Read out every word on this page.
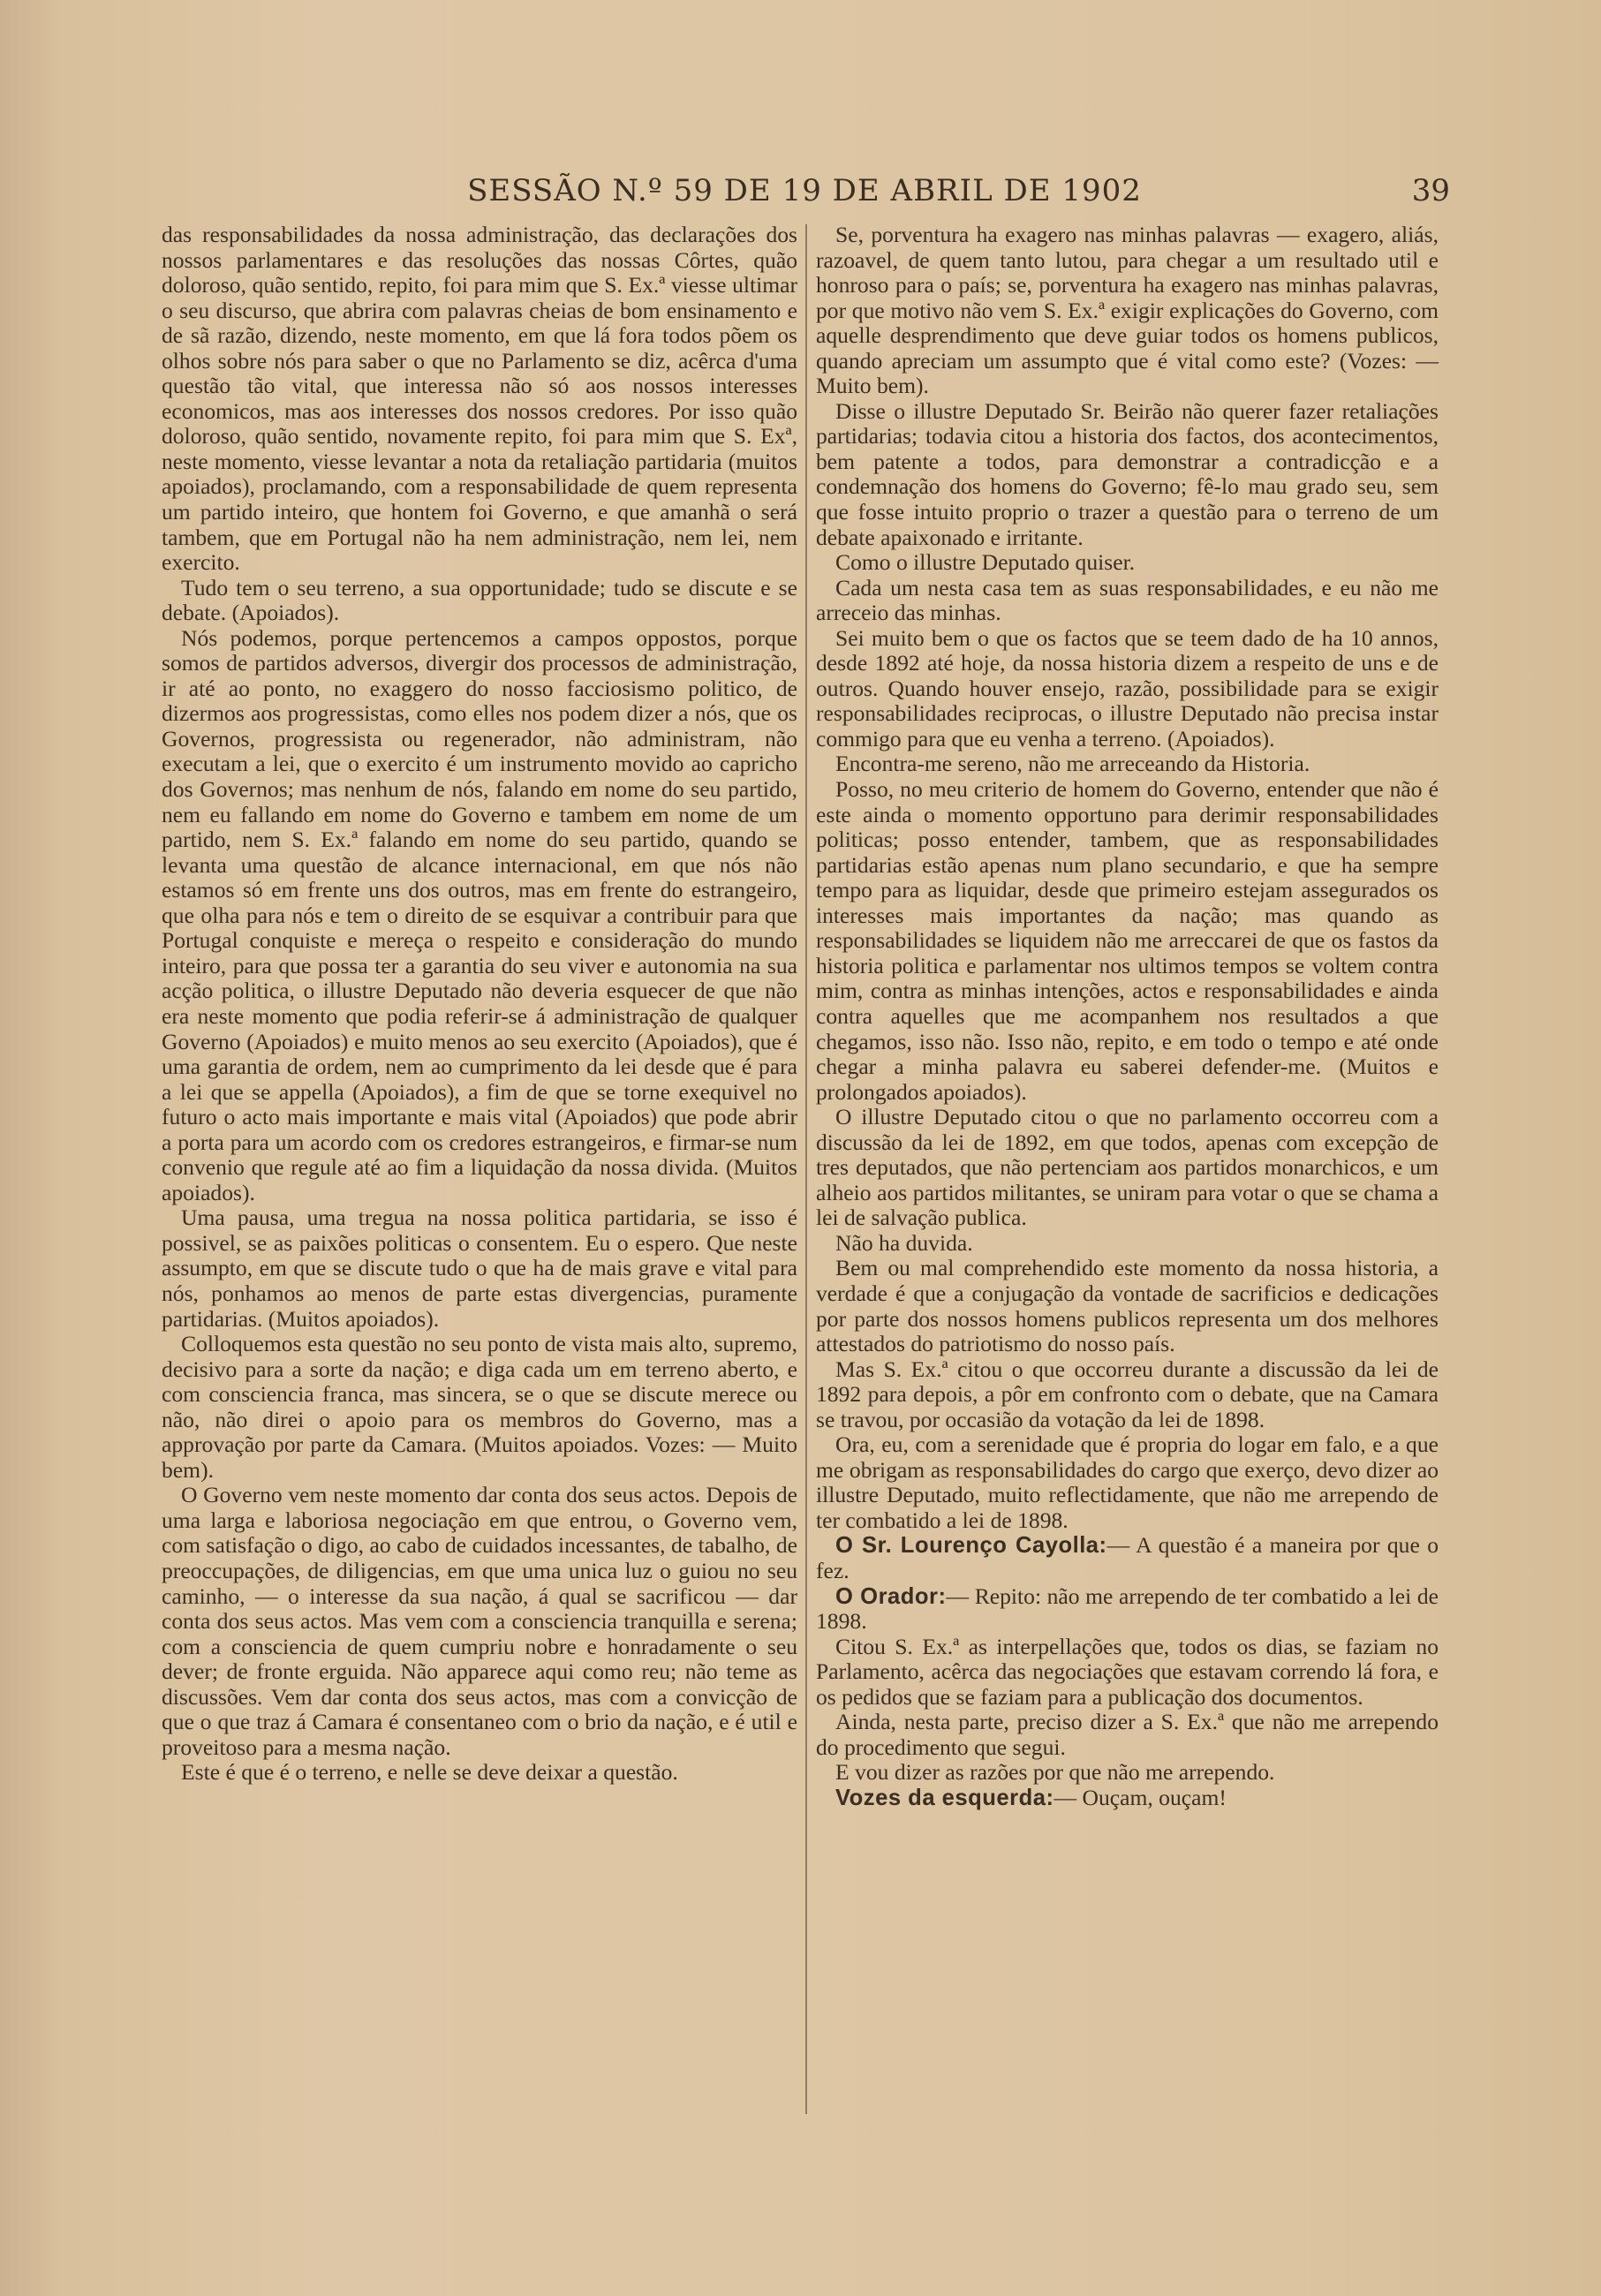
SESSÃO N.º 59 DE 19 DE ABRIL DE 1902	39

das responsabilidades da nossa administração, das declarações dos nossos parlamentares e das resoluções das nossas Côrtes, quão doloroso, quão sentido, repito, foi para mim que S. Ex.ª viesse ultimar o seu discurso, que abrira com palavras cheias de bom ensinamento e de sã razão, dizendo, neste momento, em que lá fora todos põem os olhos sobre nós para saber o que no Parlamento se diz, acêrca d'uma questão tão vital, que interessa não só aos nossos interesses economicos, mas aos interesses dos nossos credores. Por isso quão doloroso, quão sentido, novamente repito, foi para mim que S. Exª, neste momento, viesse levantar a nota da retaliação partidaria (muitos apoiados), proclamando, com a responsabilidade de quem representa um partido inteiro, que hontem foi Governo, e que amanhã o será tambem, que em Portugal não ha nem administração, nem lei, nem exercito.

Tudo tem o seu terreno, a sua opportunidade; tudo se discute e se debate. (Apoiados).

Nós podemos, porque pertencemos a campos oppostos, porque somos de partidos adversos, divergir dos processos de administração, ir até ao ponto, no exaggero do nosso facciosismo politico, de dizermos aos progressistas, como elles nos podem dizer a nós, que os Governos, progressista ou regenerador, não administram, não executam a lei, que o exercito é um instrumento movido ao capricho dos Governos; mas nenhum de nós, falando em nome do seu partido, nem eu fallando em nome do Governo e tambem em nome de um partido, nem S. Ex.ª falando em nome do seu partido, quando se levanta uma questão de alcance internacional, em que nós não estamos só em frente uns dos outros, mas em frente do estrangeiro, que olha para nós e tem o direito de se esquivar a contribuir para que Portugal conquiste e mereça o respeito e consideração do mundo inteiro, para que possa ter a garantia do seu viver e autonomia na sua acção politica, o illustre Deputado não deveria esquecer de que não era neste momento que podia referir-se á administração de qualquer Governo (Apoiados) e muito menos ao seu exercito (Apoiados), que é uma garantia de ordem, nem ao cumprimento da lei desde que é para a lei que se appella (Apoiados), a fim de que se torne exequivel no futuro o acto mais importante e mais vital (Apoiados) que pode abrir a porta para um acordo com os credores estrangeiros, e firmar-se num convenio que regule até ao fim a liquidação da nossa divida. (Muitos apoiados).

Uma pausa, uma tregua na nossa politica partidaria, se isso é possivel, se as paixões politicas o consentem. Eu o espero. Que neste assumpto, em que se discute tudo o que ha de mais grave e vital para nós, ponhamos ao menos de parte estas divergencias, puramente partidarias. (Muitos apoiados).

Colloquemos esta questão no seu ponto de vista mais alto, supremo, decisivo para a sorte da nação; e diga cada um em terreno aberto, e com consciencia franca, mas sincera, se o que se discute merece ou não, não direi o apoio para os membros do Governo, mas a approvação por parte da Camara. (Muitos apoiados. Vozes: — Muito bem).

O Governo vem neste momento dar conta dos seus actos. Depois de uma larga e laboriosa negociação em que entrou, o Governo vem, com satisfação o digo, ao cabo de cuidados incessantes, de tabalho, de preoccupações, de diligencias, em que uma unica luz o guiou no seu caminho, — o interesse da sua nação, á qual se sacrificou — dar conta dos seus actos. Mas vem com a consciencia tranquilla e serena; com a consciencia de quem cumpriu nobre e honradamente o seu dever; de fronte erguida. Não apparece aqui como reu; não teme as discussões. Vem dar conta dos seus actos, mas com a convicção de que o que traz á Camara é consentaneo com o brio da nação, e é util e proveitoso para a mesma nação.

Este é que é o terreno, e nelle se deve deixar a questão.

Se, porventura ha exagero nas minhas palavras — exagero, aliás, razoavel, de quem tanto lutou, para chegar a um resultado util e honroso para o país; se, porventura ha exagero nas minhas palavras, por que motivo não vem S. Ex.ª exigir explicações do Governo, com aquelle desprendimento que deve guiar todos os homens publicos, quando apreciam um assumpto que é vital como este? (Vozes: — Muito bem).

Disse o illustre Deputado Sr. Beirão não querer fazer retaliações partidarias; todavia citou a historia dos factos, dos acontecimentos, bem patente a todos, para demonstrar a contradicção e a condemnação dos homens do Governo; fê-lo mau grado seu, sem que fosse intuito proprio o trazer a questão para o terreno de um debate apaixonado e irritante.

Como o illustre Deputado quiser.

Cada um nesta casa tem as suas responsabilidades, e eu não me arreceio das minhas.

Sei muito bem o que os factos que se teem dado de ha 10 annos, desde 1892 até hoje, da nossa historia dizem a respeito de uns e de outros. Quando houver ensejo, razão, possibilidade para se exigir responsabilidades reciprocas, o illustre Deputado não precisa instar commigo para que eu venha a terreno. (Apoiados).

Encontra-me sereno, não me arreceando da Historia.

Posso, no meu criterio de homem do Governo, entender que não é este ainda o momento opportuno para derimir responsabilidades politicas; posso entender, tambem, que as responsabilidades partidarias estão apenas num plano secundario, e que ha sempre tempo para as liquidar, desde que primeiro estejam assegurados os interesses mais importantes da nação; mas quando as responsabilidades se liquidem não me arreccarei de que os fastos da historia politica e parlamentar nos ultimos tempos se voltem contra mim, contra as minhas intenções, actos e responsabilidades e ainda contra aquelles que me acompanhem nos resultados a que chegamos, isso não. Isso não, repito, e em todo o tempo e até onde chegar a minha palavra eu saberei defender-me. (Muitos e prolongados apoiados).

O illustre Deputado citou o que no parlamento occorreu com a discussão da lei de 1892, em que todos, apenas com excepção de tres deputados, que não pertenciam aos partidos monarchicos, e um alheio aos partidos militantes, se uniram para votar o que se chama a lei de salvação publica.

Não ha duvida.

Bem ou mal comprehendido este momento da nossa historia, a verdade é que a conjugação da vontade de sacrificios e dedicações por parte dos nossos homens publicos representa um dos melhores attestados do patriotismo do nosso país.

Mas S. Ex.ª citou o que occorreu durante a discussão da lei de 1892 para depois, a pôr em confronto com o debate, que na Camara se travou, por occasião da votação da lei de 1898.

Ora, eu, com a serenidade que é propria do logar em falo, e a que me obrigam as responsabilidades do cargo que exerço, devo dizer ao illustre Deputado, muito reflectidamente, que não me arrependo de ter combatido a lei de 1898.

O Sr. Lourenço Cayolla:— A questão é a maneira por que o fez.

O Orador:— Repito: não me arrependo de ter combatido a lei de 1898.

Citou S. Ex.ª as interpellações que, todos os dias, se faziam no Parlamento, acêrca das negociações que estavam correndo lá fora, e os pedidos que se faziam para a publicação dos documentos.

Ainda, nesta parte, preciso dizer a S. Ex.ª que não me arrependo do procedimento que segui.

E vou dizer as razões por que não me arrependo.

Vozes da esquerda:— Ouçam, ouçam!
